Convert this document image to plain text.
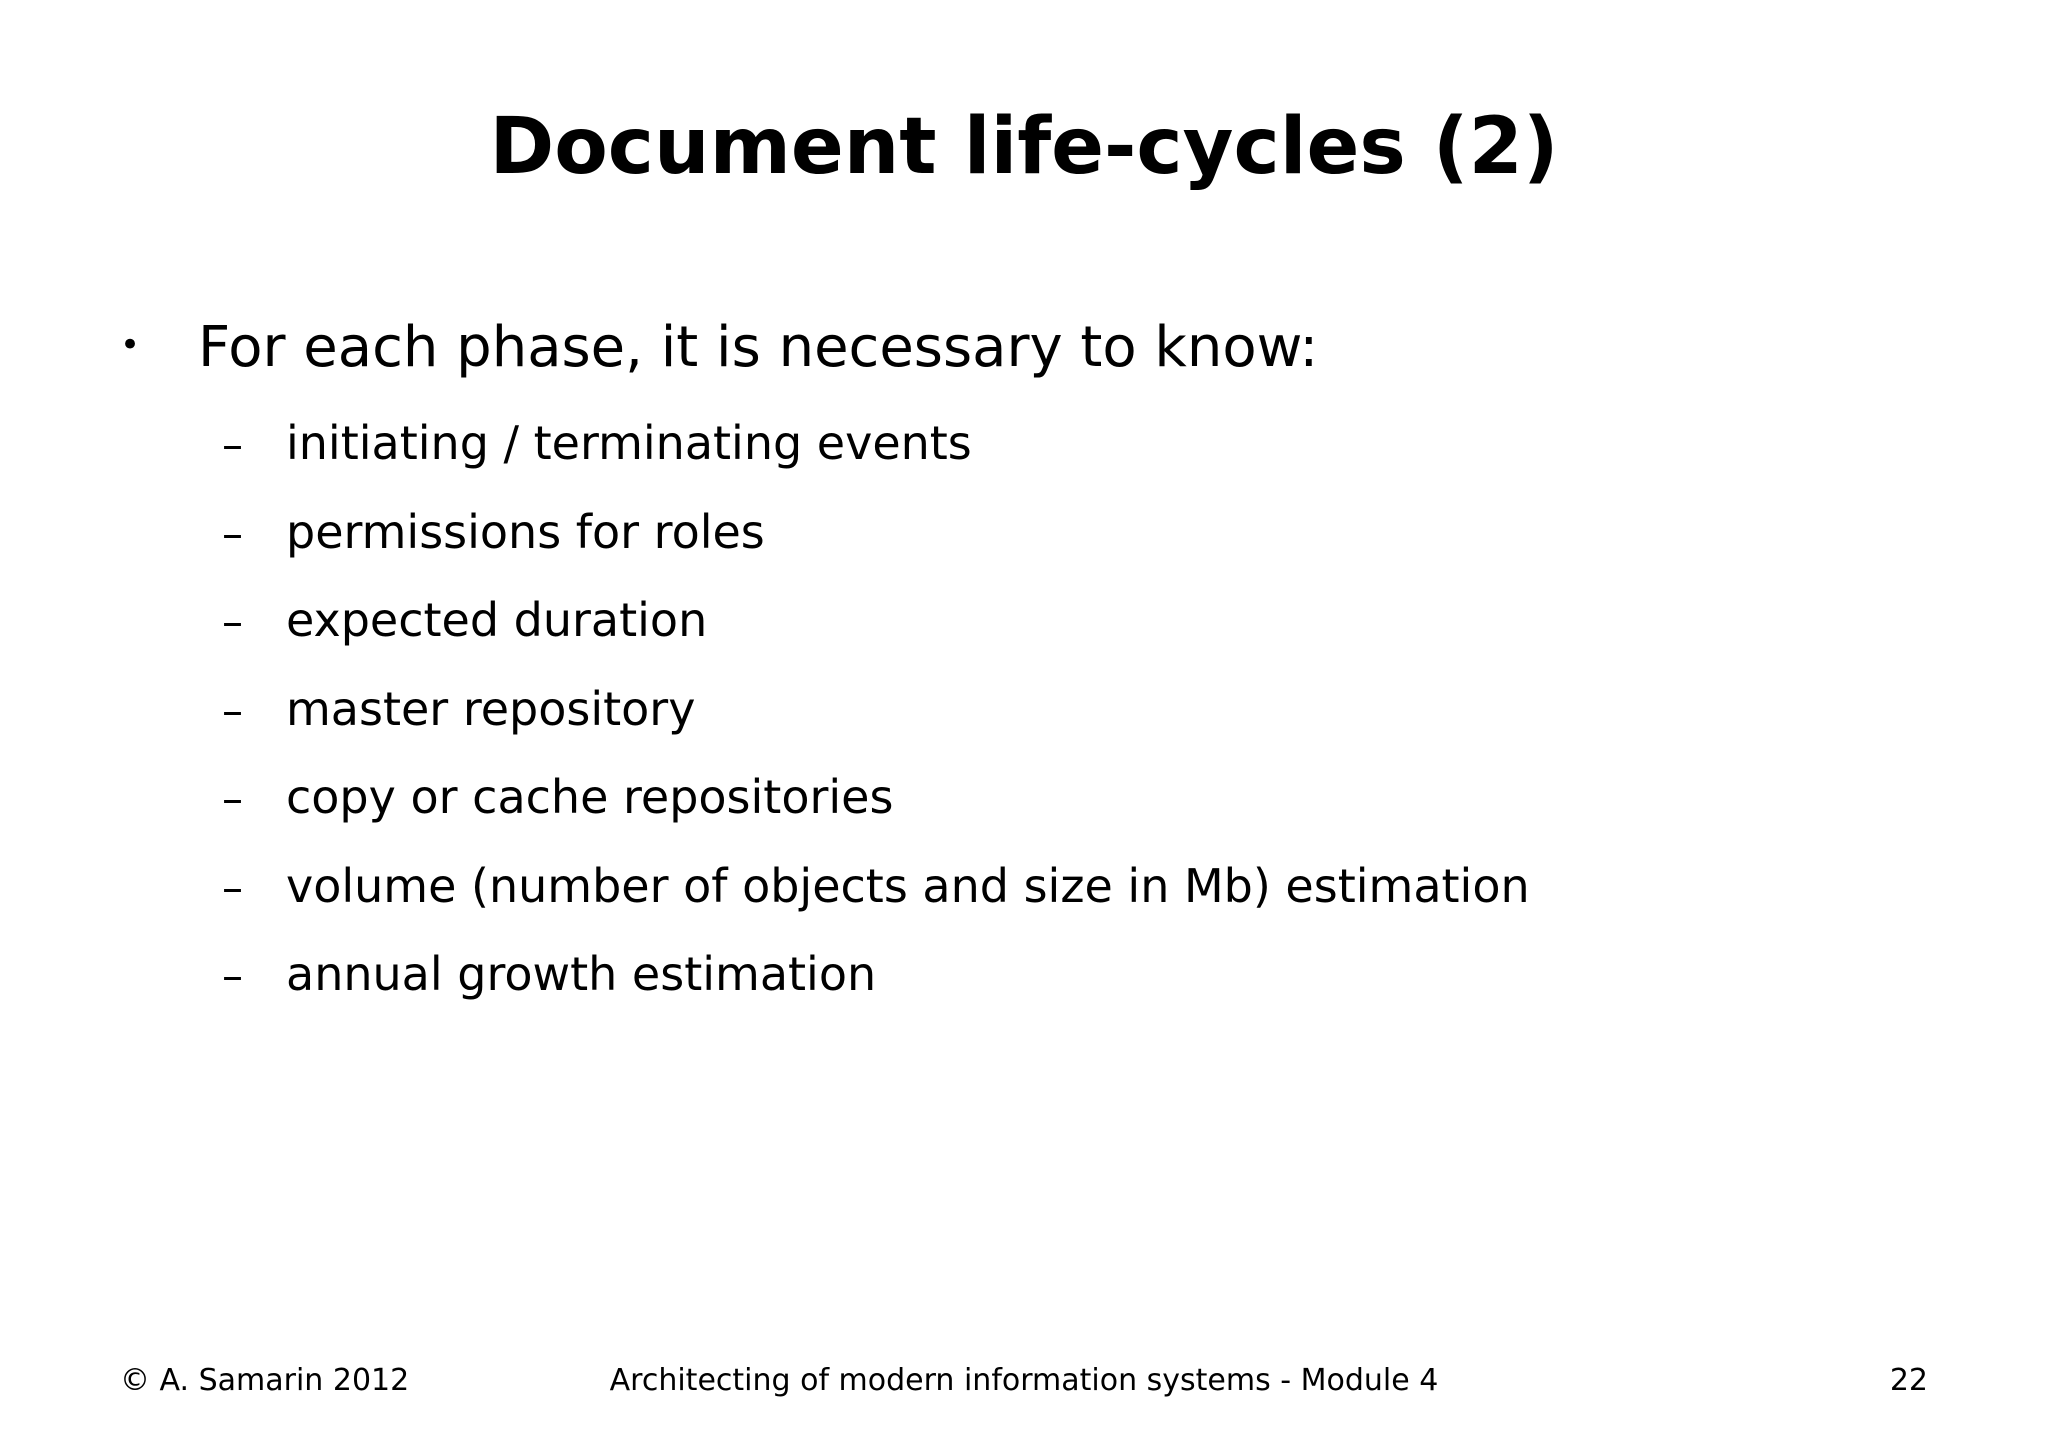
Document life-cycles (2)
•	For each phase, it is necessary to know:
– initiating / terminating events
– permissions for roles
– expected duration
– master repository
– copy or cache repositories
– volume (number of objects and size in Mb) estimation
– annual growth estimation
© A. Samarin 2012	Architecting of modern information systems - Module 4	22
